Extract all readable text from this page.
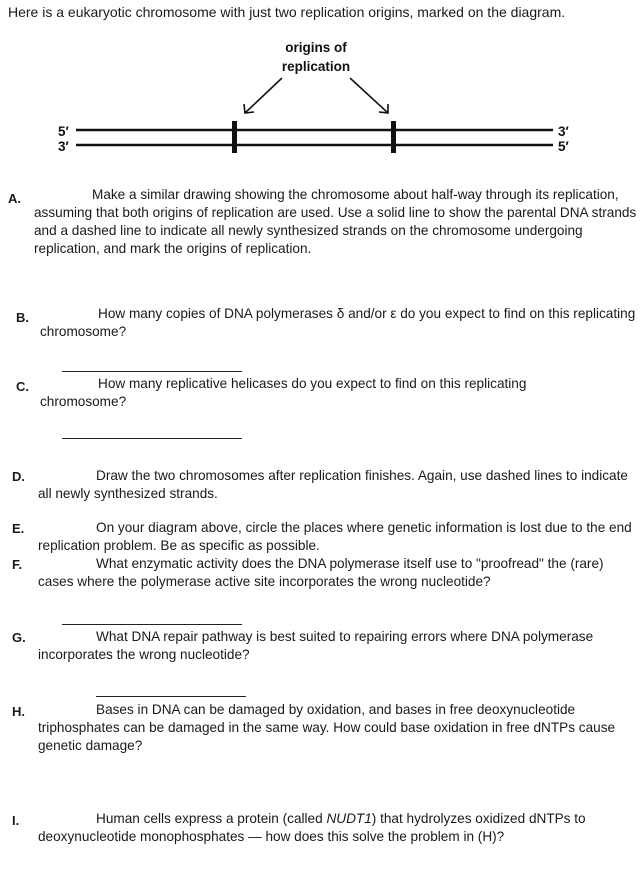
Here is a eukaryotic chromosome with just two replication origins, marked on the diagram.
origins of
replication
5′
3′
3′
5′
A.	Make a similar drawing showing the chromosome about half-way through its replication, assuming that both origins of replication are used. Use a solid line to show the parental DNA strands and a dashed line to indicate all newly synthesized strands on the chromosome undergoing replication, and mark the origins of replication.
B.	How many copies of DNA polymerases δ and/or ε do you expect to find on this replicating chromosome?
C.	How many replicative helicases do you expect to find on this replicating chromosome?
D.	Draw the two chromosomes after replication finishes. Again, use dashed lines to indicate all newly synthesized strands.
E.	On your diagram above, circle the places where genetic information is lost due to the end replication problem. Be as specific as possible.
F.	What enzymatic activity does the DNA polymerase itself use to "proofread" the (rare) cases where the polymerase active site incorporates the wrong nucleotide?
G.	What DNA repair pathway is best suited to repairing errors where DNA polymerase incorporates the wrong nucleotide?
H.	Bases in DNA can be damaged by oxidation, and bases in free deoxynucleotide triphosphates can be damaged in the same way. How could base oxidation in free dNTPs cause genetic damage?
I.	Human cells express a protein (called NUDT1) that hydrolyzes oxidized dNTPs to deoxynucleotide monophosphates — how does this solve the problem in (H)?
